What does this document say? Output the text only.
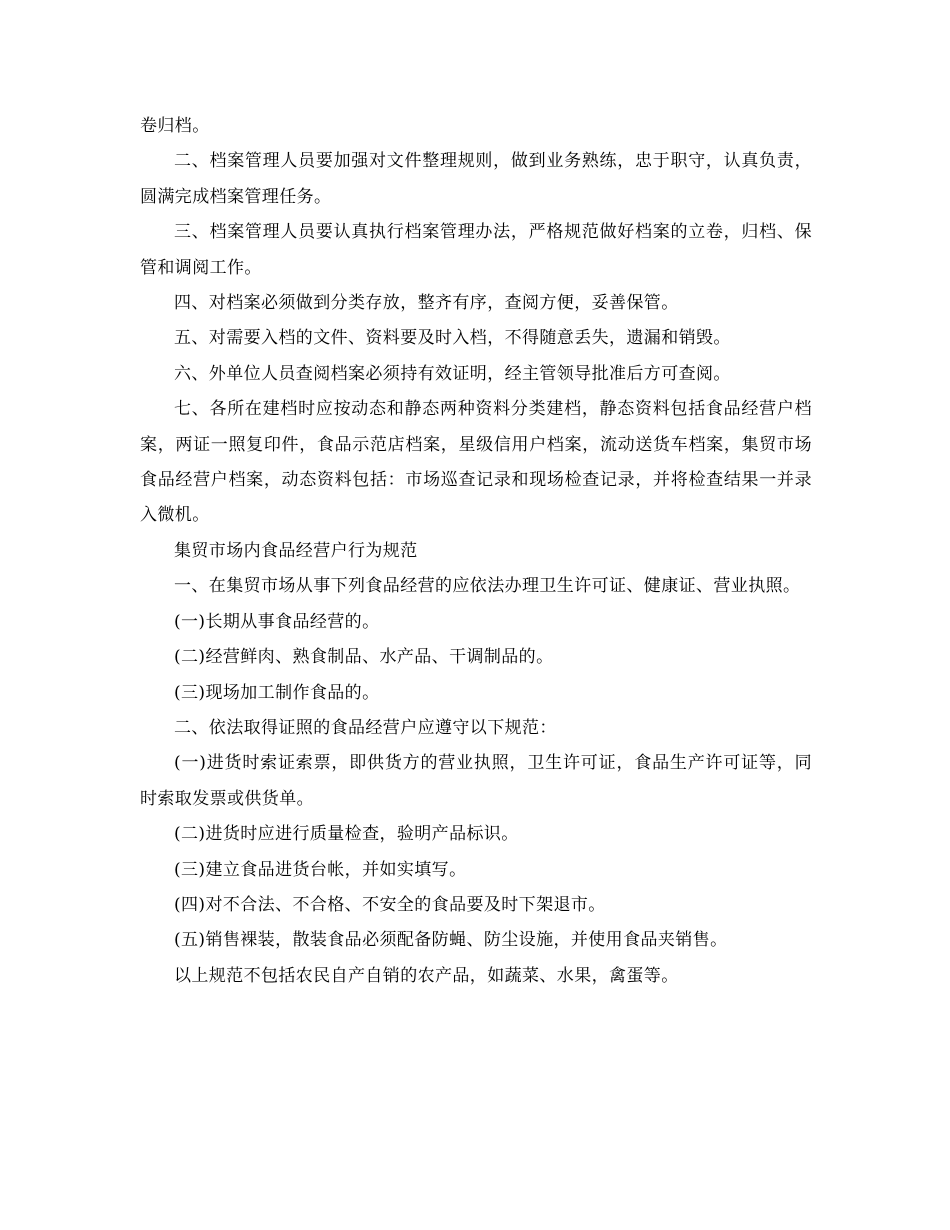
卷归档。

二、档案管理人员要加强对文件整理规则，做到业务熟练，忠于职守，认真负责，圆满完成档案管理任务。

三、档案管理人员要认真执行档案管理办法，严格规范做好档案的立卷，归档、保管和调阅工作。

四、对档案必须做到分类存放，整齐有序，查阅方便，妥善保管。

五、对需要入档的文件、资料要及时入档，不得随意丢失，遗漏和销毁。

六、外单位人员查阅档案必须持有效证明，经主管领导批准后方可查阅。

七、各所在建档时应按动态和静态两种资料分类建档，静态资料包括食品经营户档案，两证一照复印件，食品示范店档案，星级信用户档案，流动送货车档案，集贸市场食品经营户档案，动态资料包括：市场巡查记录和现场检查记录，并将检查结果一并录入微机。

集贸市场内食品经营户行为规范

一、在集贸市场从事下列食品经营的应依法办理卫生许可证、健康证、营业执照。

(一)长期从事食品经营的。

(二)经营鲜肉、熟食制品、水产品、干调制品的。

(三)现场加工制作食品的。

二、依法取得证照的食品经营户应遵守以下规范：

(一)进货时索证索票，即供货方的营业执照，卫生许可证，食品生产许可证等，同时索取发票或供货单。

(二)进货时应进行质量检查，验明产品标识。

(三)建立食品进货台帐，并如实填写。

(四)对不合法、不合格、不安全的食品要及时下架退市。

(五)销售裸装，散装食品必须配备防蝇、防尘设施，并使用食品夹销售。

以上规范不包括农民自产自销的农产品，如蔬菜、水果，禽蛋等。
